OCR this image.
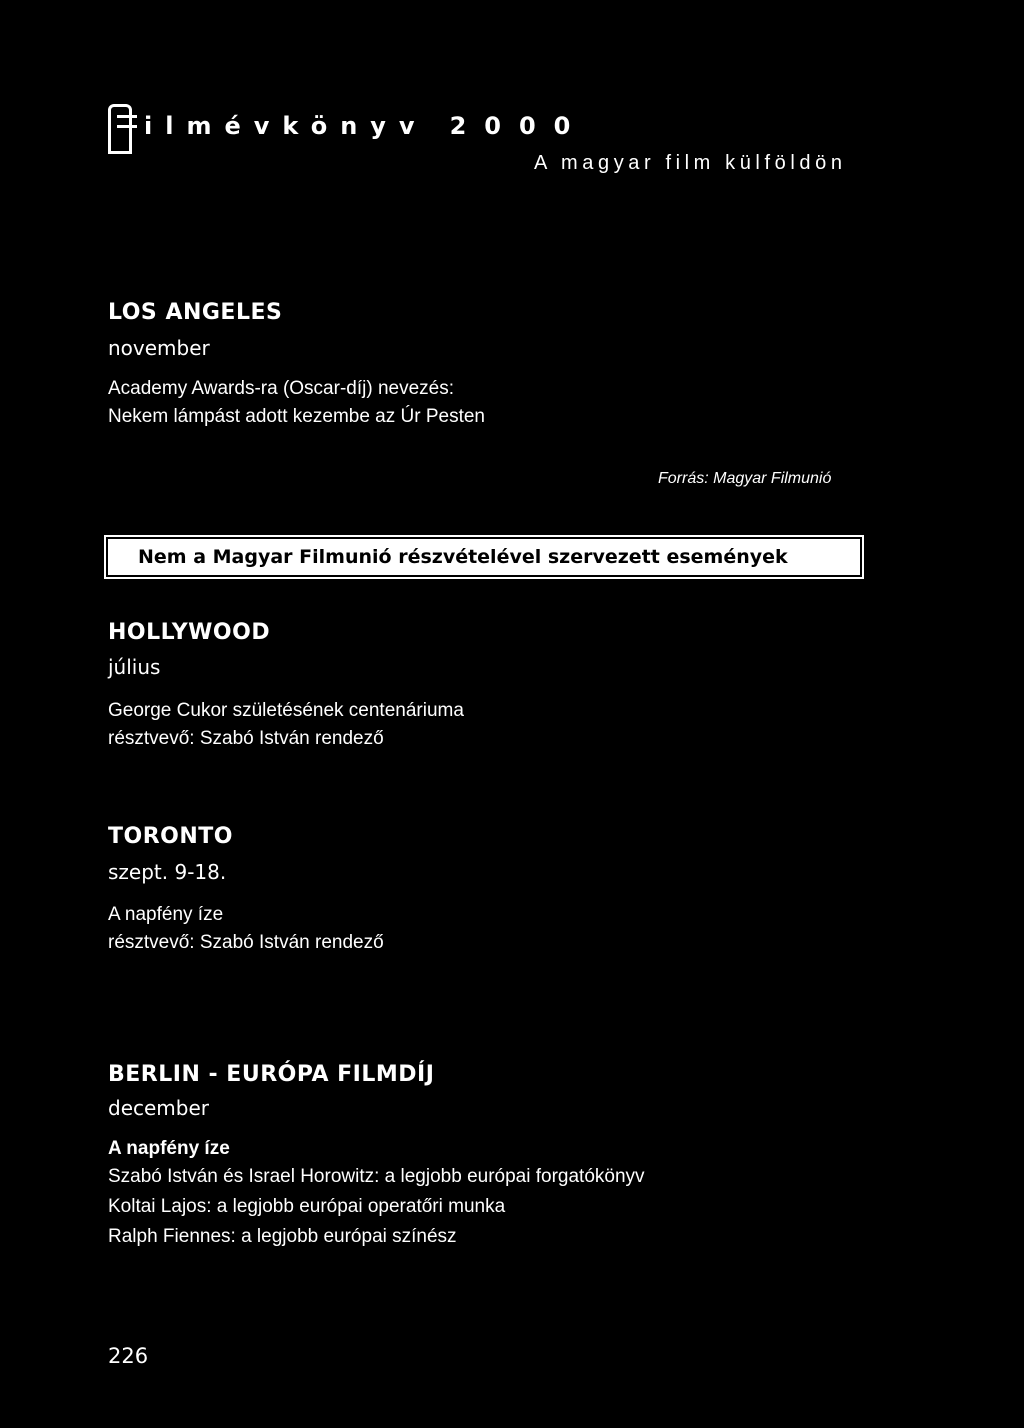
ilmévkönyv 2000
A magyar film külföldön
LOS ANGELES
november
Academy Awards-ra (Oscar-díj) nevezés:
Nekem lámpást adott kezembe az Úr Pesten
Forrás: Magyar Filmunió
Nem a Magyar Filmunió részvételével szervezett események
HOLLYWOOD
július
George Cukor születésének centenáriuma
résztvevő: Szabó István rendező
TORONTO
szept. 9-18.
A napfény íze
résztvevő: Szabó István rendező
BERLIN - EURÓPA FILMDÍJ
december
A napfény íze
Szabó István és Israel Horowitz: a legjobb európai forgatókönyv
Koltai Lajos: a legjobb európai operatőri munka
Ralph Fiennes: a legjobb európai színész
226
